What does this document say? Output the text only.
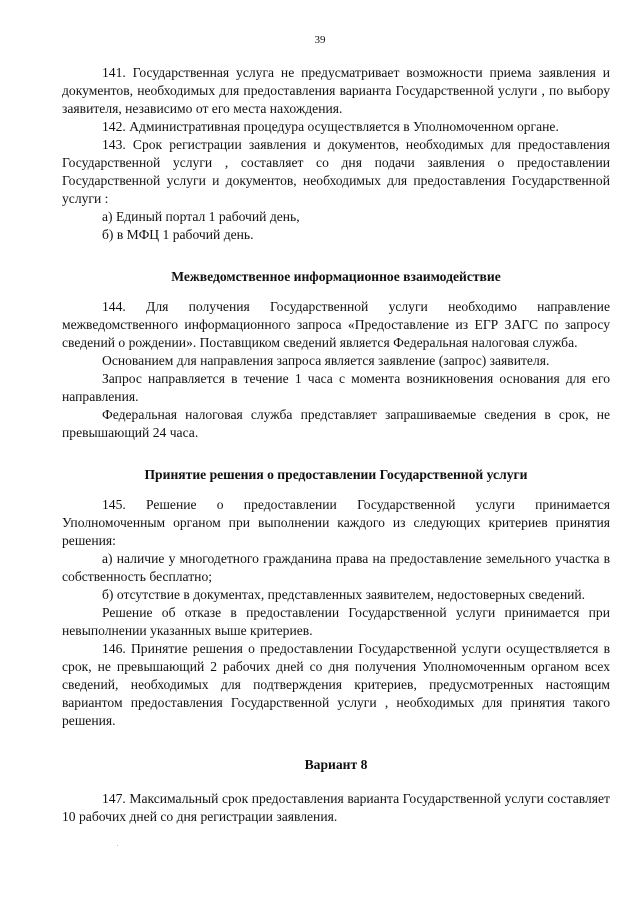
39

141. Государственная услуга не предусматривает возможности приема заявления и документов, необходимых для предоставления варианта Государственной услуги , по выбору заявителя, независимо от его места нахождения.

142. Административная процедура осуществляется в Уполномоченном органе.

143. Срок регистрации заявления и документов, необходимых для предоставления Государственной услуги , составляет со дня подачи заявления о предоставлении Государственной услуги и документов, необходимых для предоставления Государственной услуги :

а) Единый портал 1 рабочий день,

б) в МФЦ 1 рабочий день.

Межведомственное информационное взаимодействие

144. Для получения Государственной услуги необходимо направление межведомственного информационного запроса «Предоставление из ЕГР ЗАГС по запросу сведений о рождении». Поставщиком сведений является Федеральная налоговая служба.

Основанием для направления запроса является заявление (запрос) заявителя.

Запрос направляется в течение 1 часа с момента возникновения основания для его направления.

Федеральная налоговая служба представляет запрашиваемые сведения в срок, не превышающий 24 часа.

Принятие решения о предоставлении Государственной услуги

145. Решение о предоставлении Государственной услуги принимается Уполномоченным органом при выполнении каждого из следующих критериев принятия решения:

а) наличие у многодетного гражданина права на предоставление земельного участка в собственность бесплатно;

б) отсутствие в документах, представленных заявителем, недостоверных сведений.

Решение об отказе в предоставлении Государственной услуги принимается при невыполнении указанных выше критериев.

146. Принятие решения о предоставлении Государственной услуги осуществляется в срок, не превышающий 2 рабочих дней со дня получения Уполномоченным органом всех сведений, необходимых для подтверждения критериев, предусмотренных настоящим вариантом предоставления Государственной услуги , необходимых для принятия такого решения.

Вариант 8

147. Максимальный срок предоставления варианта Государственной услуги составляет 10 рабочих дней со дня регистрации заявления.
